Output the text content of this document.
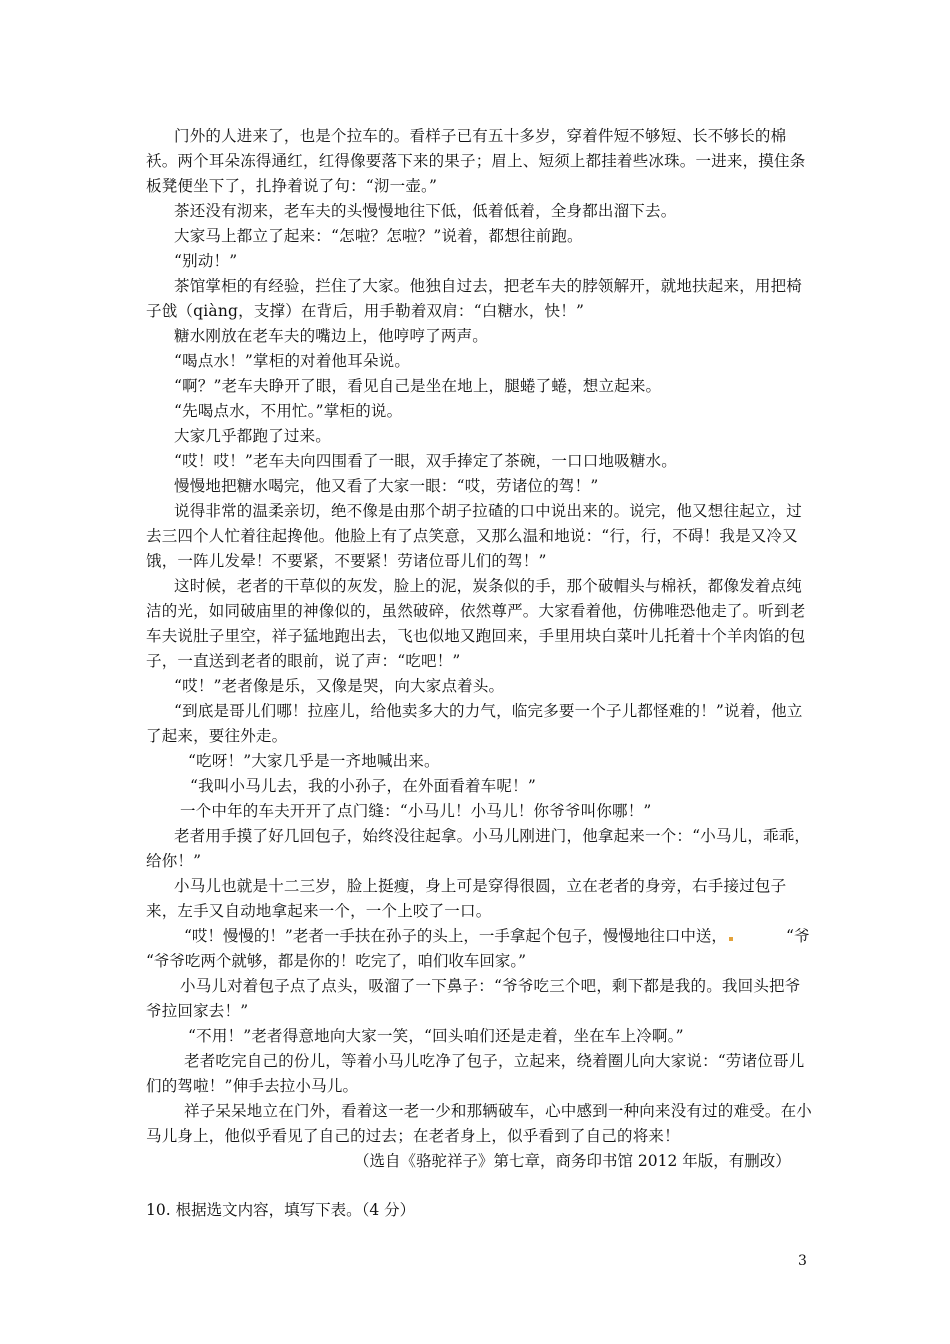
门外的人进来了，也是个拉车的。看样子已有五十多岁，穿着件短不够短、长不够长的棉袄。两个耳朵冻得通红，红得像要落下来的果子；眉上、短须上都挂着些冰珠。一进来，摸住条板凳便坐下了，扎挣着说了句：“沏一壶。”

茶还没有沏来，老车夫的头慢慢地往下低，低着低着，全身都出溜下去。

大家马上都立了起来：“怎啦？怎啦？”说着，都想往前跑。

“别动！”

茶馆掌柜的有经验，拦住了大家。他独自过去，把老车夫的脖领解开，就地扶起来，用把椅子戗（qiàng，支撑）在背后，用手勒着双肩：“白糖水，快！”

糖水刚放在老车夫的嘴边上，他哼哼了两声。

“喝点水！”掌柜的对着他耳朵说。

“啊？”老车夫睁开了眼，看见自己是坐在地上，腿蜷了蜷，想立起来。

“先喝点水，不用忙。”掌柜的说。

大家几乎都跑了过来。

“哎！哎！”老车夫向四围看了一眼，双手捧定了茶碗，一口口地吸糖水。

慢慢地把糖水喝完，他又看了大家一眼：“哎，劳诸位的驾！”

说得非常的温柔亲切，绝不像是由那个胡子拉碴的口中说出来的。说完，他又想往起立，过去三四个人忙着往起搀他。他脸上有了点笑意，又那么温和地说：“行，行，不碍！我是又冷又饿，一阵儿发晕！不要紧，不要紧！劳诸位哥儿们的驾！”

这时候，老者的干草似的灰发，脸上的泥，炭条似的手，那个破帽头与棉袄，都像发着点纯洁的光，如同破庙里的神像似的，虽然破碎，依然尊严。大家看着他，仿佛唯恐他走了。听到老车夫说肚子里空，祥子猛地跑出去，飞也似地又跑回来，手里用块白菜叶儿托着十个羊肉馅的包子，一直送到老者的眼前，说了声：“吃吧！”

“哎！”老者像是乐，又像是哭，向大家点着头。

“到底是哥儿们哪！拉座儿，给他卖多大的力气，临完多要一个子儿都怪难的！”说着，他立了起来，要往外走。

“吃呀！”大家几乎是一齐地喊出来。

“我叫小马儿去，我的小孙子，在外面看着车呢！”

一个中年的车夫开开了点门缝：“小马儿！小马儿！你爷爷叫你哪！”

老者用手摸了好几回包子，始终没往起拿。小马儿刚进门，他拿起来一个：“小马儿，乖乖，给你！”

小马儿也就是十二三岁，脸上挺瘦，身上可是穿得很圆，立在老者的身旁，右手接过包子来，左手又自动地拿起来一个，一个上咬了一口。

“哎！慢慢的！”老者一手扶在孙子的头上，一手拿起个包子，慢慢地往口中送，	“爷

“爷爷吃两个就够，都是你的！吃完了，咱们收车回家。”

小马儿对着包子点了点头，吸溜了一下鼻子：“爷爷吃三个吧，剩下都是我的。我回头把爷爷拉回家去！”

“不用！”老者得意地向大家一笑，“回头咱们还是走着，坐在车上冷啊。”

老者吃完自己的份儿，等着小马儿吃净了包子，立起来，绕着圈儿向大家说：“劳诸位哥儿们的驾啦！”伸手去拉小马儿。

祥子呆呆地立在门外，看着这一老一少和那辆破车，心中感到一种向来没有过的难受。在小马儿身上，他似乎看见了自己的过去；在老者身上，似乎看到了自己的将来！

（选自《骆驼祥子》第七章，商务印书馆 2012 年版，有删改）

10. 根据选文内容，填写下表。（4 分）

3
